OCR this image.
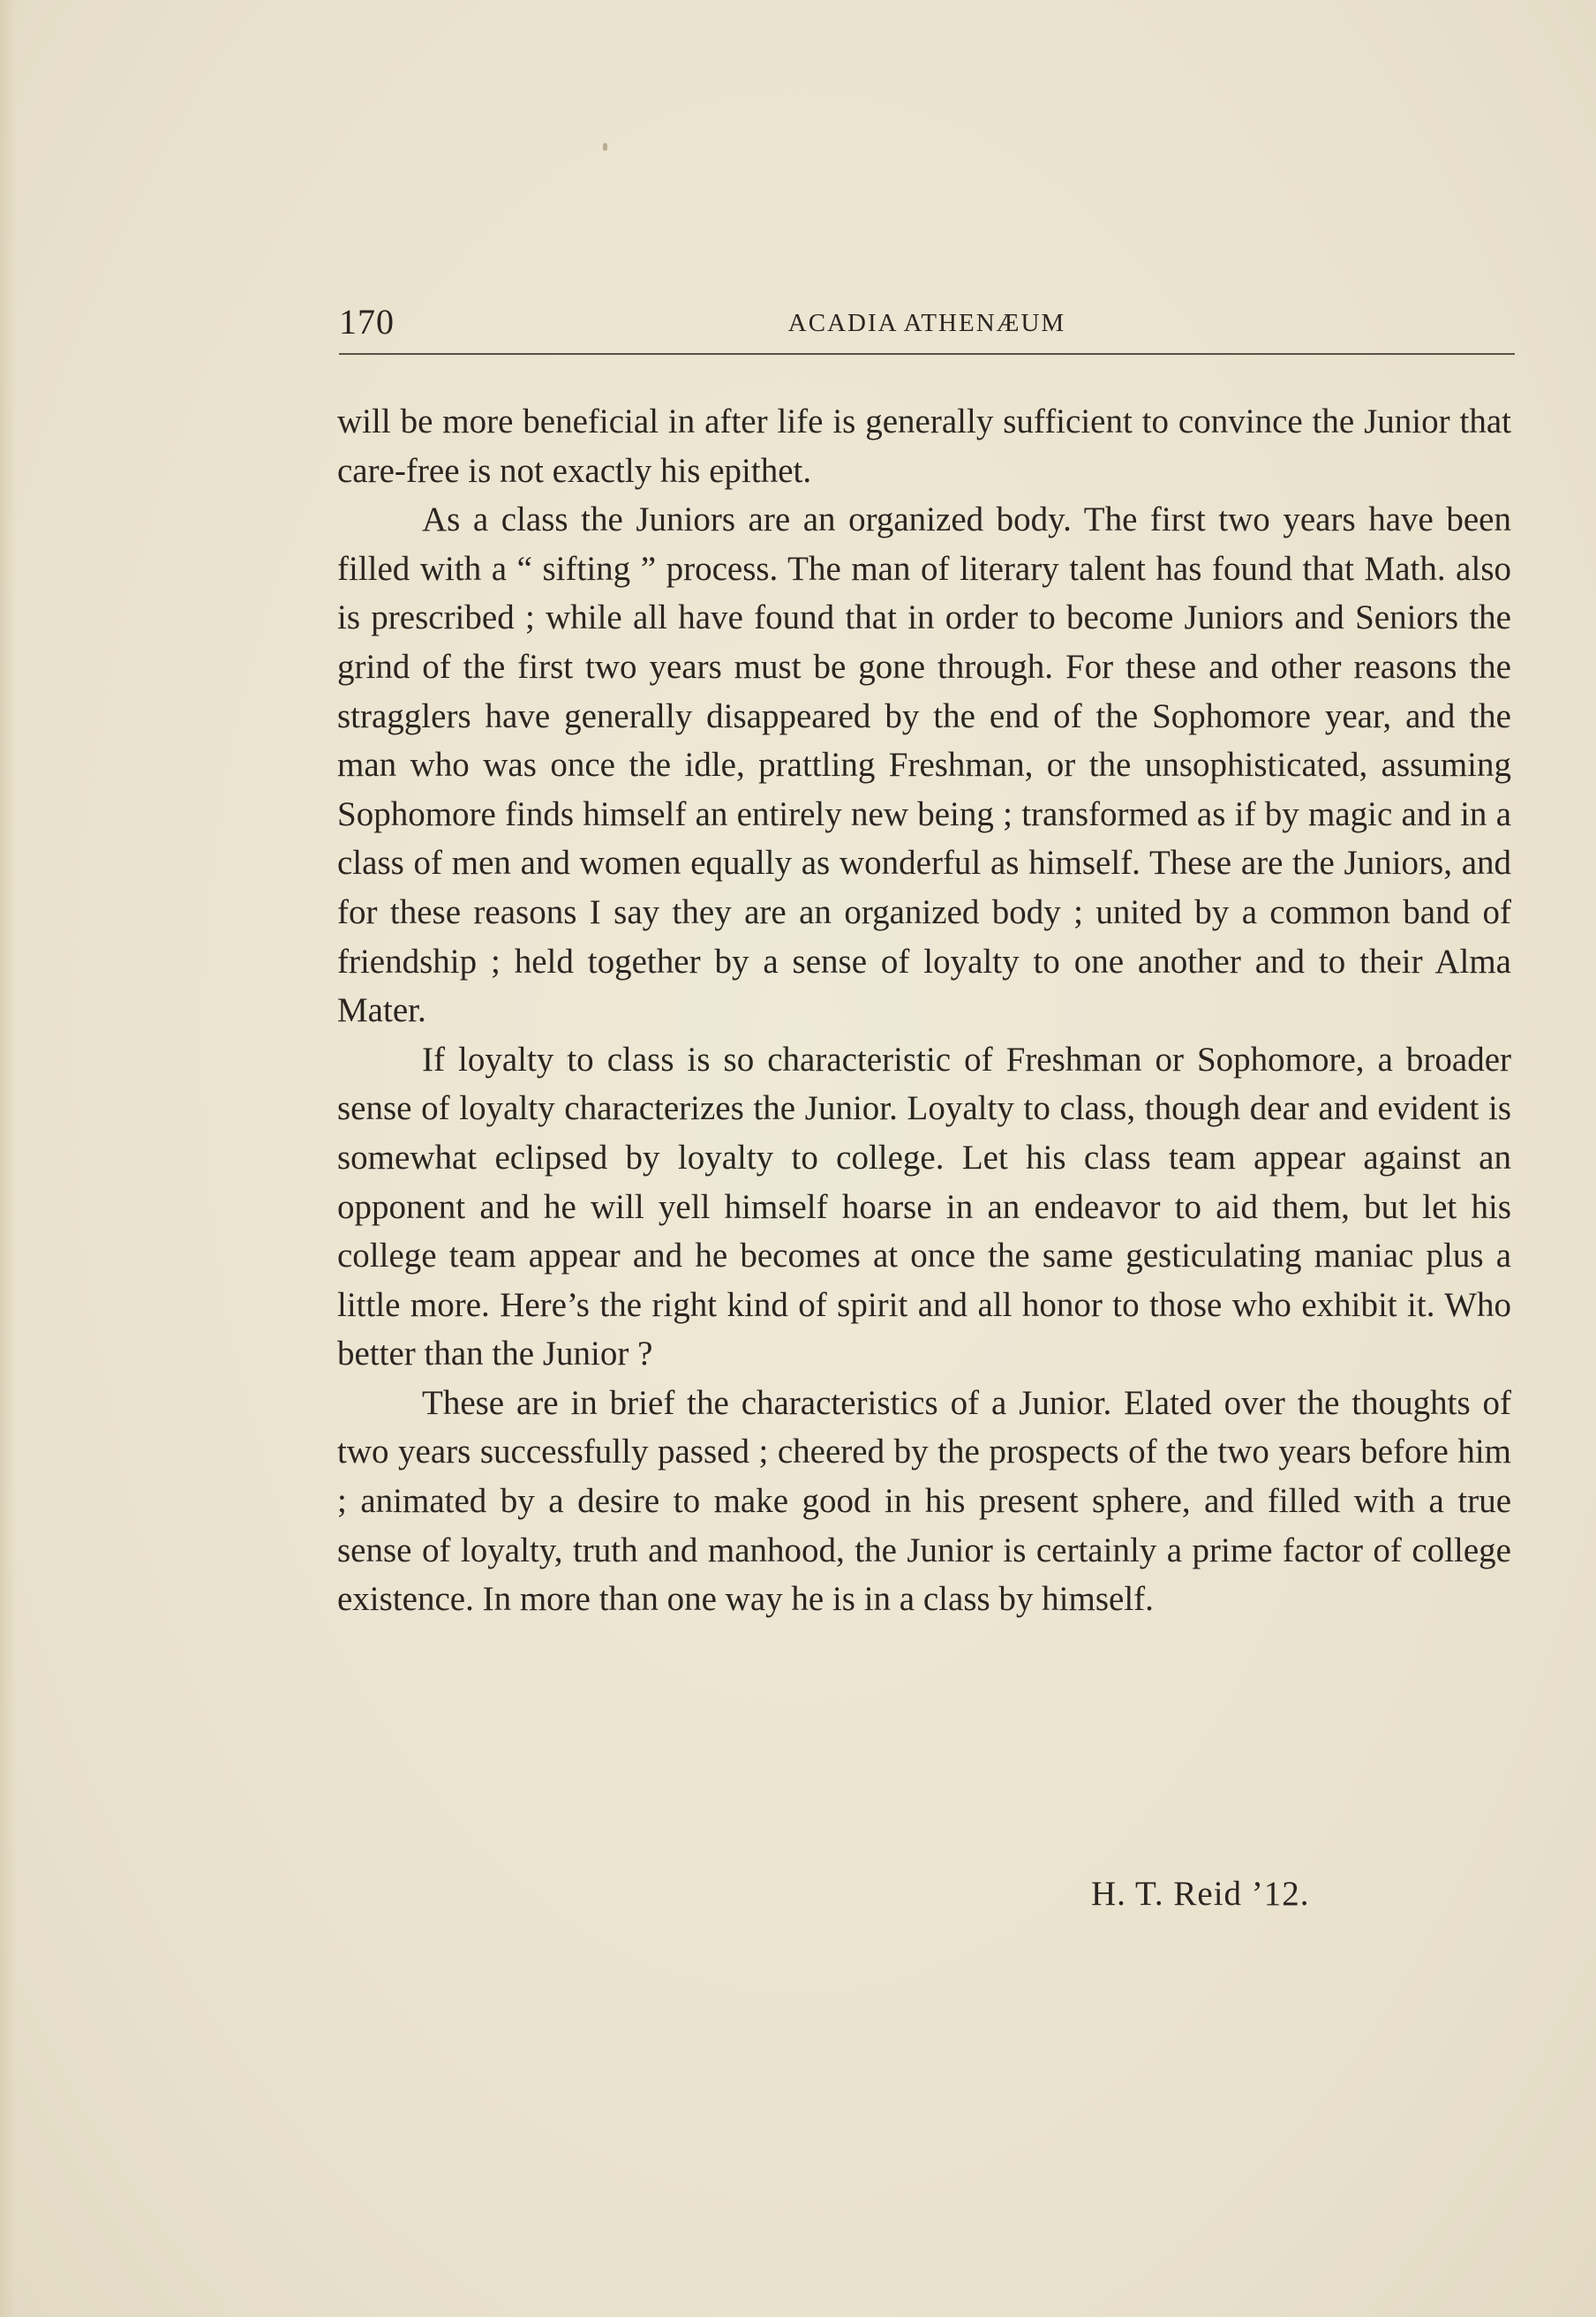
170	ACADIA ATHENÆUM

will be more beneficial in after life is generally sufficient to convince the Junior that care-free is not exactly his epithet.

As a class the Juniors are an organized body. The first two years have been filled with a “ sifting ” process. The man of literary talent has found that Math. also is prescribed ; while all have found that in order to become Juniors and Seniors the grind of the first two years must be gone through. For these and other reasons the stragglers have generally disappeared by the end of the Sophomore year, and the man who was once the idle, prattling Freshman, or the unsophisticated, assuming Sophomore finds himself an entirely new being ; transformed as if by magic and in a class of men and women equally as wonderful as himself. These are the Juniors, and for these reasons I say they are an organized body ; united by a common band of friendship ; held together by a sense of loyalty to one another and to their Alma Mater.

If loyalty to class is so characteristic of Freshman or Sophomore, a broader sense of loyalty characterizes the Junior. Loyalty to class, though dear and evident is somewhat eclipsed by loyalty to college. Let his class team appear against an opponent and he will yell himself hoarse in an endeavor to aid them, but let his college team appear and he becomes at once the same gesticulating maniac plus a little more. Here’s the right kind of spirit and all honor to those who exhibit it. Who better than the Junior ?

These are in brief the characteristics of a Junior. Elated over the thoughts of two years successfully passed ; cheered by the prospects of the two years before him ; animated by a desire to make good in his present sphere, and filled with a true sense of loyalty, truth and manhood, the Junior is certainly a prime factor of college existence. In more than one way he is in a class by himself.

H. T. Reid ’12.
